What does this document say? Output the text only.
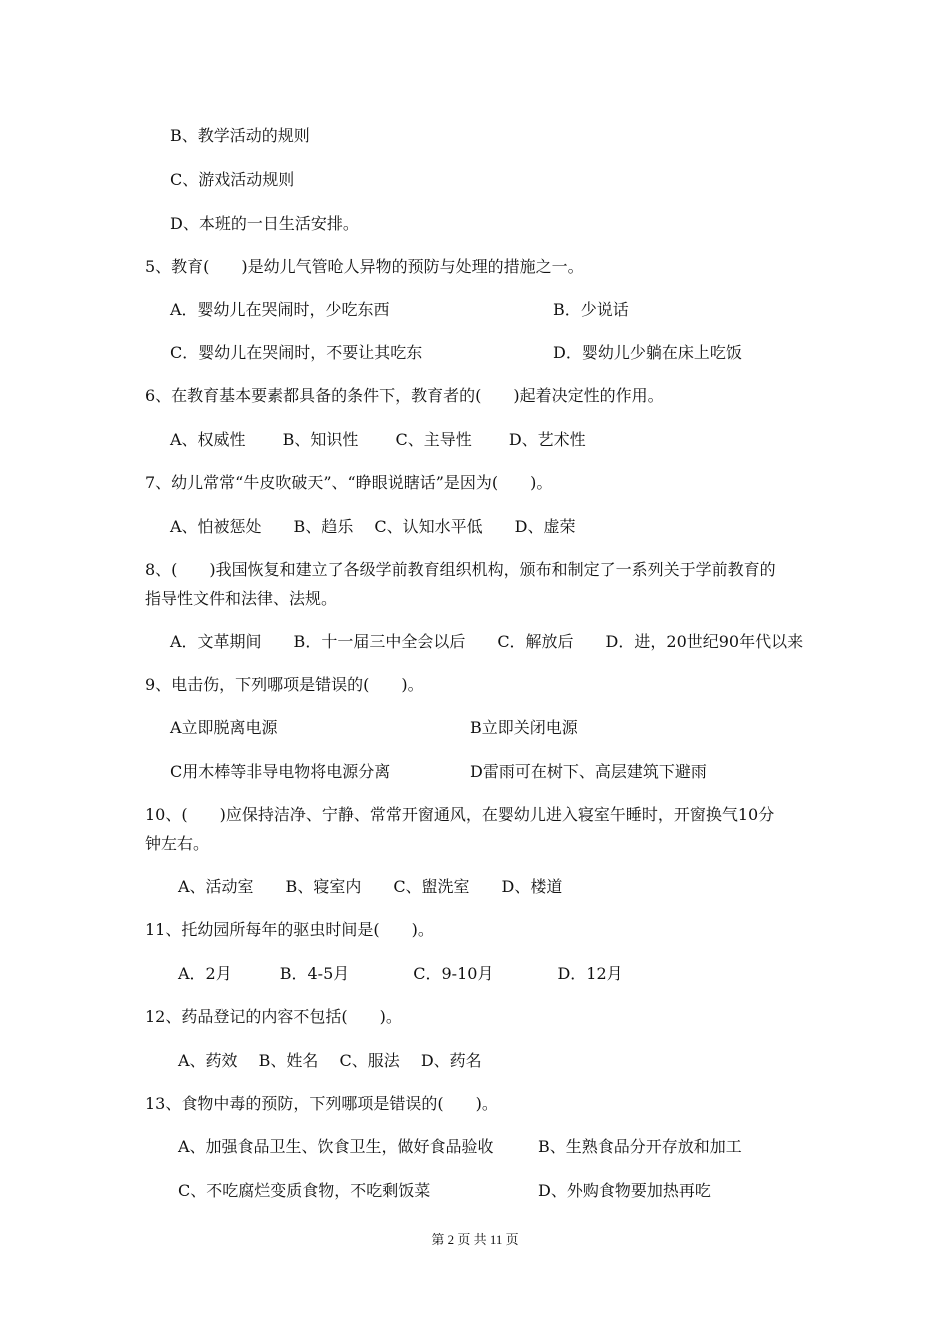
B、教学活动的规则
C、游戏活动规则
D、本班的一日生活安排。
5、教育(　　)是幼儿气管呛人异物的预防与处理的措施之一。
A．婴幼儿在哭闹时，少吃东西	B．少说话
C．婴幼儿在哭闹时，不要让其吃东	D．婴幼儿少躺在床上吃饭
6、在教育基本要素都具备的条件下，教育者的(　　)起着决定性的作用。
A、权威性　　 B、知识性　　 C、主导性　　 D、艺术性
7、幼儿常常“牛皮吹破天”、“睁眼说瞎话”是因为(　　)。
A、怕被惩处　　B、趋乐　 C、认知水平低　　D、虚荣
8、(　　)我国恢复和建立了各级学前教育组织机构，颁布和制定了一系列关于学前教育的
指导性文件和法律、法规。
A．文革期间　　B．十一届三中全会以后　　C．解放后　　D．进，20世纪90年代以来
9、电击伤，下列哪项是错误的(　　)。
A立即脱离电源	B立即关闭电源
C用木棒等非导电物将电源分离	D雷雨可在树下、高层建筑下避雨
10、(　　)应保持洁净、宁静、常常开窗通风，在婴幼儿进入寝室午睡时，开窗换气10分
钟左右。
A、活动室　　B、寝室内　　C、盥洗室　　D、楼道
11、托幼园所每年的驱虫时间是(　　)。
A．2月　　　B．4-5月　　　　C．9-10月　　　　D．12月
12、药品登记的内容不包括(　　)。
A、药效　 B、姓名　 C、服法　 D、药名
13、食物中毒的预防，下列哪项是错误的(　　)。
A、加强食品卫生、饮食卫生，做好食品验收	B、生熟食品分开存放和加工
C、不吃腐烂变质食物，不吃剩饭菜	D、外购食物要加热再吃
第 2 页 共 11 页
